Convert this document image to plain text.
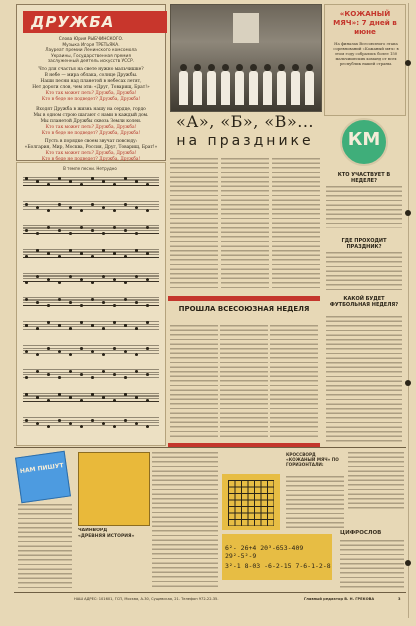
ДРУЖБА
Слова Юрия РЫБЧИНСКОГО.
Музыка Игоря ТРЕТЬЯКА.
Лауреат премии Ленинского комсомола
Украины, Государственная премия
заслуженный деятель искусств УССР.
Что для счастья на свете нужно мальчишке?
В небе — мира облака, солнце Дружбы.
Наши песни над планетой в небесах летят,
Нет дороги слов, чем эти: «Друг, Товарищ, Брат!»
Кто так может петь? Дружба, Дружба!
Кто в беде не подведет? Дружба, Дружба!
Входят Дружба в жизнь нашу на сердце, гордо
Мы в одном строю шагают с нами в каждый дом.
Мы планетой Дружбы сквозь Земли колеи.
Кто так может петь? Дружба, Дружба!
Кто в беде не подведет? Дружба, Дружба!
Пусть в порядке своем звучат повсюду:
«Болгария, Мир, Москва, Россия, Друг, Товарищ, Брат!»
Кто так может петь? Дружба, Дружба!
Кто в беде не подведет? Дружба, Дружба!
«КОЖАНЫЙ МЯЧ»: 7 дней в июне
На финалах Всесоюзного этапа соревнований «Кожаный мяч» в этом году собрались более 150 мальчишеских команд от всех республик нашей страны.
«А», «Б», «В»...
на празднике	КМ
В темпе песни. Нетрудно
ПРОШЛА ВСЕСОЮЗНАЯ НЕДЕЛЯ
КТО УЧАСТВУЕТ В НЕДЕЛЕ?
ГДЕ ПРОХОДИТ ПРАЗДНИК?
КАКОЙ БУДЕТ ФУТБОЛЬНАЯ НЕДЕЛЯ?
НАМ ПИШУТ
ЧАЙНВОРД
«ДРЕВНЯЯ ИСТОРИЯ»
КРОССВОРД «КОЖАНЫЙ МЯЧ» ПО ГОРИЗОНТАЛИ:
ЦИФРОСЛОВ
6²- 26+4 20³-653-409 29²-5²-9
3²-1 8-03 -6-2-15 7-6-1-2-8
НАШ АДРЕС: 101601, ГСП, Москва, А-30, Сущевская, 21. Телефон 972-22-35.	Главный редактор В. Н. ГРЕКОВА	3
